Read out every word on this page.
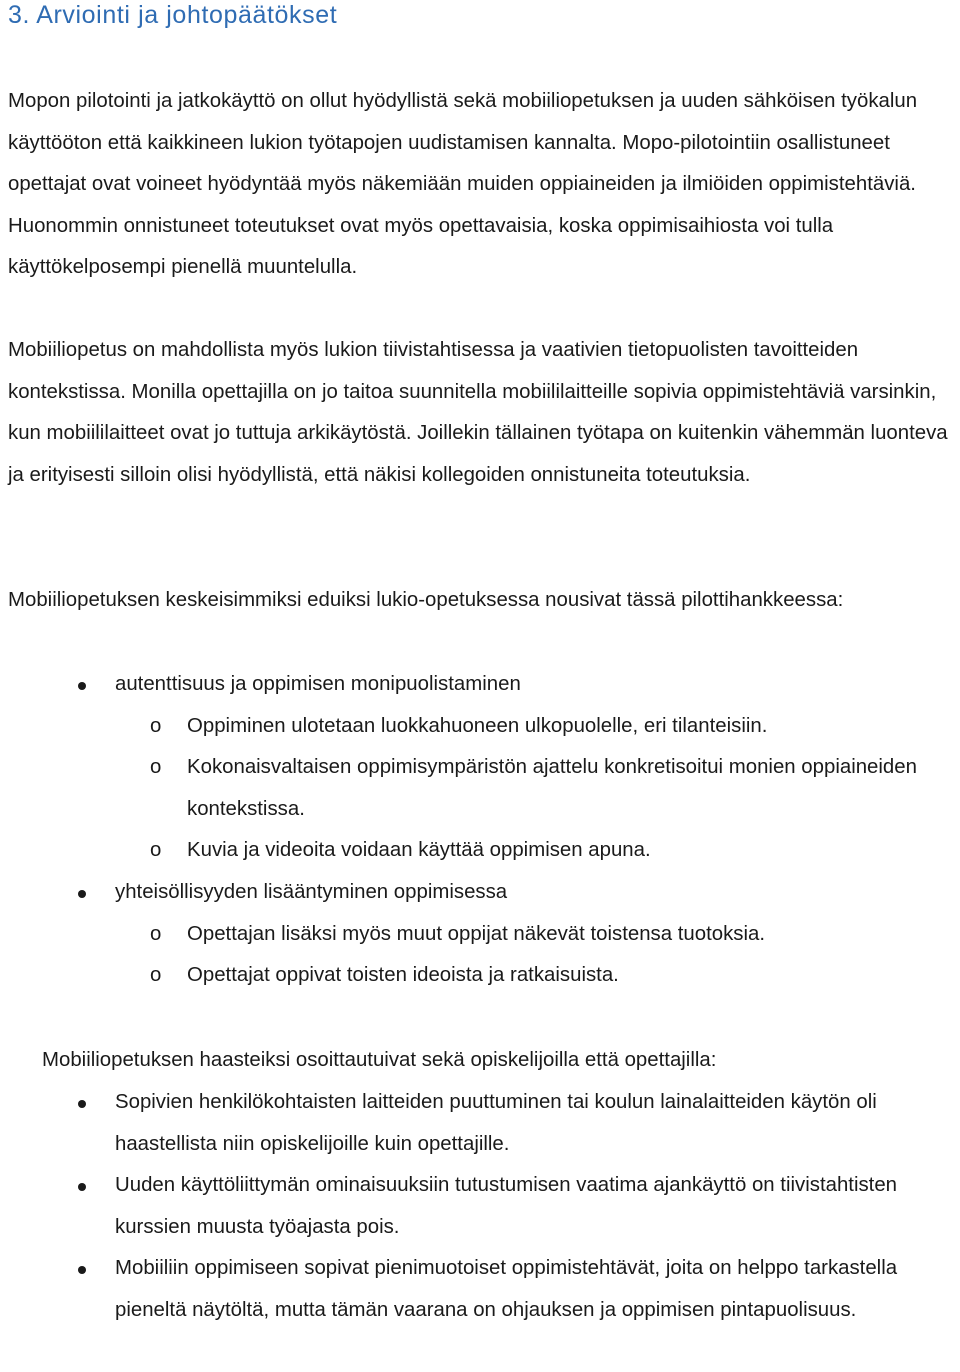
3. Arviointi ja johtopäätökset

Mopon pilotointi ja jatkokäyttö on ollut hyödyllistä sekä mobiiliopetuksen ja uuden sähköisen työkalun käyttööton että kaikkineen lukion työtapojen uudistamisen kannalta. Mopo-pilotointiin osallistuneet opettajat ovat voineet hyödyntää myös näkemiään muiden oppiaineiden ja ilmiöiden oppimistehtäviä. Huonommin onnistuneet toteutukset ovat myös opettavaisia, koska oppimisaihiosta voi tulla käyttökelposempi pienellä muuntelulla.

Mobiiliopetus on mahdollista myös lukion tiivistahtisessa ja vaativien tietopuolisten tavoitteiden kontekstissa. Monilla opettajilla on jo taitoa suunnitella mobiililaitteille sopivia oppimistehtäviä varsinkin, kun mobiililaitteet ovat jo tuttuja arkikäytöstä. Joillekin tällainen työtapa on kuitenkin vähemmän luonteva ja erityisesti silloin olisi hyödyllistä, että näkisi kollegoiden onnistuneita toteutuksia.

Mobiiliopetuksen keskeisimmiksi eduiksi lukio-opetuksessa nousivat tässä pilottihankkeessa:

autenttisuus ja oppimisen monipuolistaminen
o Oppiminen ulotetaan luokkahuoneen ulkopuolelle, eri tilanteisiin.
o Kokonaisvaltaisen oppimisympäristön ajattelu konkretisoitui monien oppiaineiden kontekstissa.
o Kuvia ja videoita voidaan käyttää oppimisen apuna.
yhteisöllisyyden lisääntyminen oppimisessa
o Opettajan lisäksi myös muut oppijat näkevät toistensa tuotoksia.
o Opettajat oppivat toisten ideoista ja ratkaisuista.

Mobiiliopetuksen haasteiksi osoittautuivat sekä opiskelijoilla että opettajilla:

Sopivien henkilökohtaisten laitteiden puuttuminen tai koulun lainalaitteiden käytön oli haastellista niin opiskelijoille kuin opettajille.
Uuden käyttöliittymän ominaisuuksiin tutustumisen vaatima ajankäyttö on tiivistahtisten kurssien muusta työajasta pois.
Mobiiliin oppimiseen sopivat pienimuotoiset oppimistehtävät, joita on helppo tarkastella pieneltä näytöltä, mutta tämän vaarana on ohjauksen ja oppimisen pintapuolisuus.
